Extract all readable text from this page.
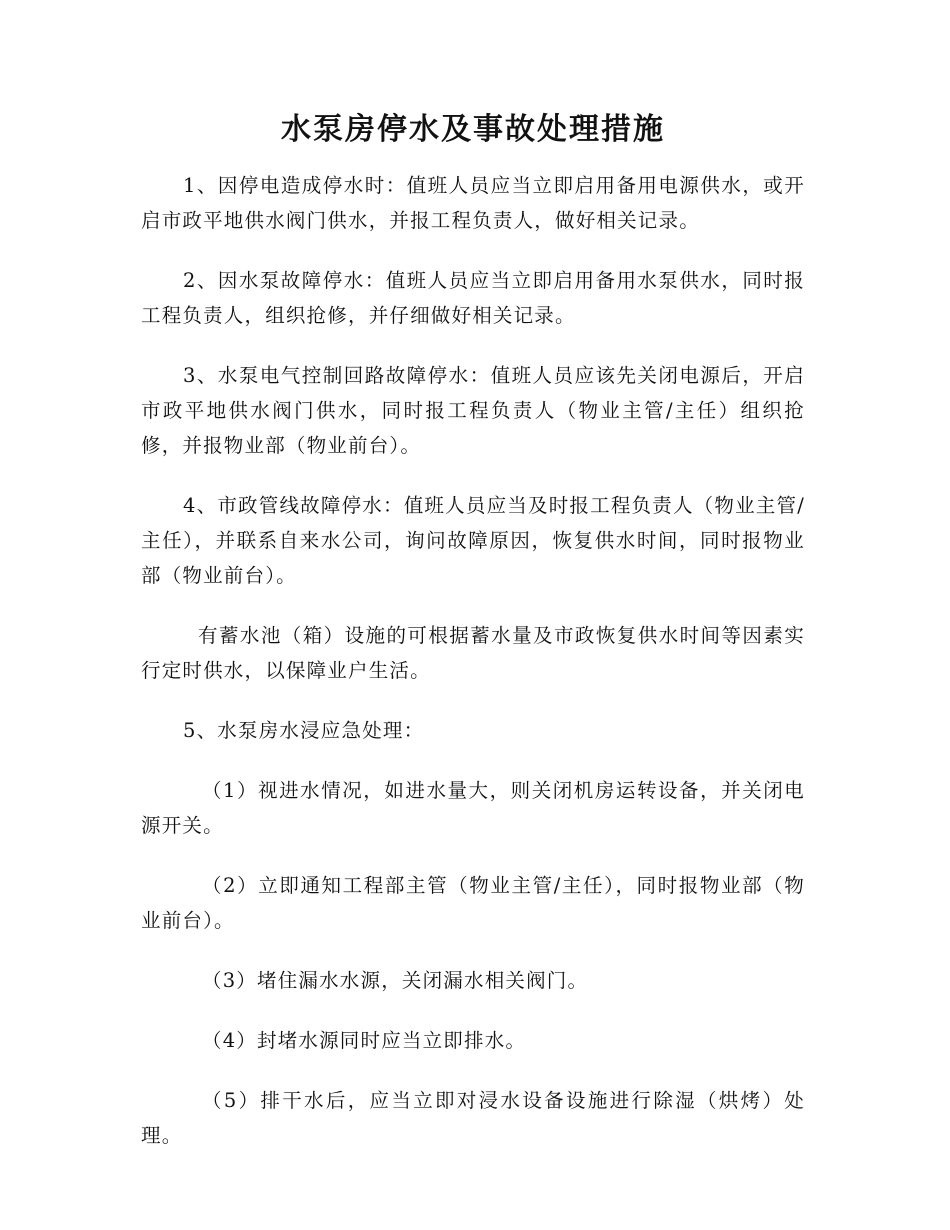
水泵房停水及事故处理措施

1、因停电造成停水时：值班人员应当立即启用备用电源供水，或开启市政平地供水阀门供水，并报工程负责人，做好相关记录。

2、因水泵故障停水：值班人员应当立即启用备用水泵供水，同时报工程负责人，组织抢修，并仔细做好相关记录。

3、水泵电气控制回路故障停水：值班人员应该先关闭电源后，开启市政平地供水阀门供水，同时报工程负责人（物业主管/主任）组织抢修，并报物业部（物业前台）。

4、市政管线故障停水：值班人员应当及时报工程负责人（物业主管/主任），并联系自来水公司，询问故障原因，恢复供水时间，同时报物业部（物业前台）。

有蓄水池（箱）设施的可根据蓄水量及市政恢复供水时间等因素实行定时供水，以保障业户生活。

5、水泵房水浸应急处理：

（1）视进水情况，如进水量大，则关闭机房运转设备，并关闭电源开关。

（2）立即通知工程部主管（物业主管/主任），同时报物业部（物业前台）。

（3）堵住漏水水源，关闭漏水相关阀门。

（4）封堵水源同时应当立即排水。

（5）排干水后，应当立即对浸水设备设施进行除湿（烘烤）处理。
